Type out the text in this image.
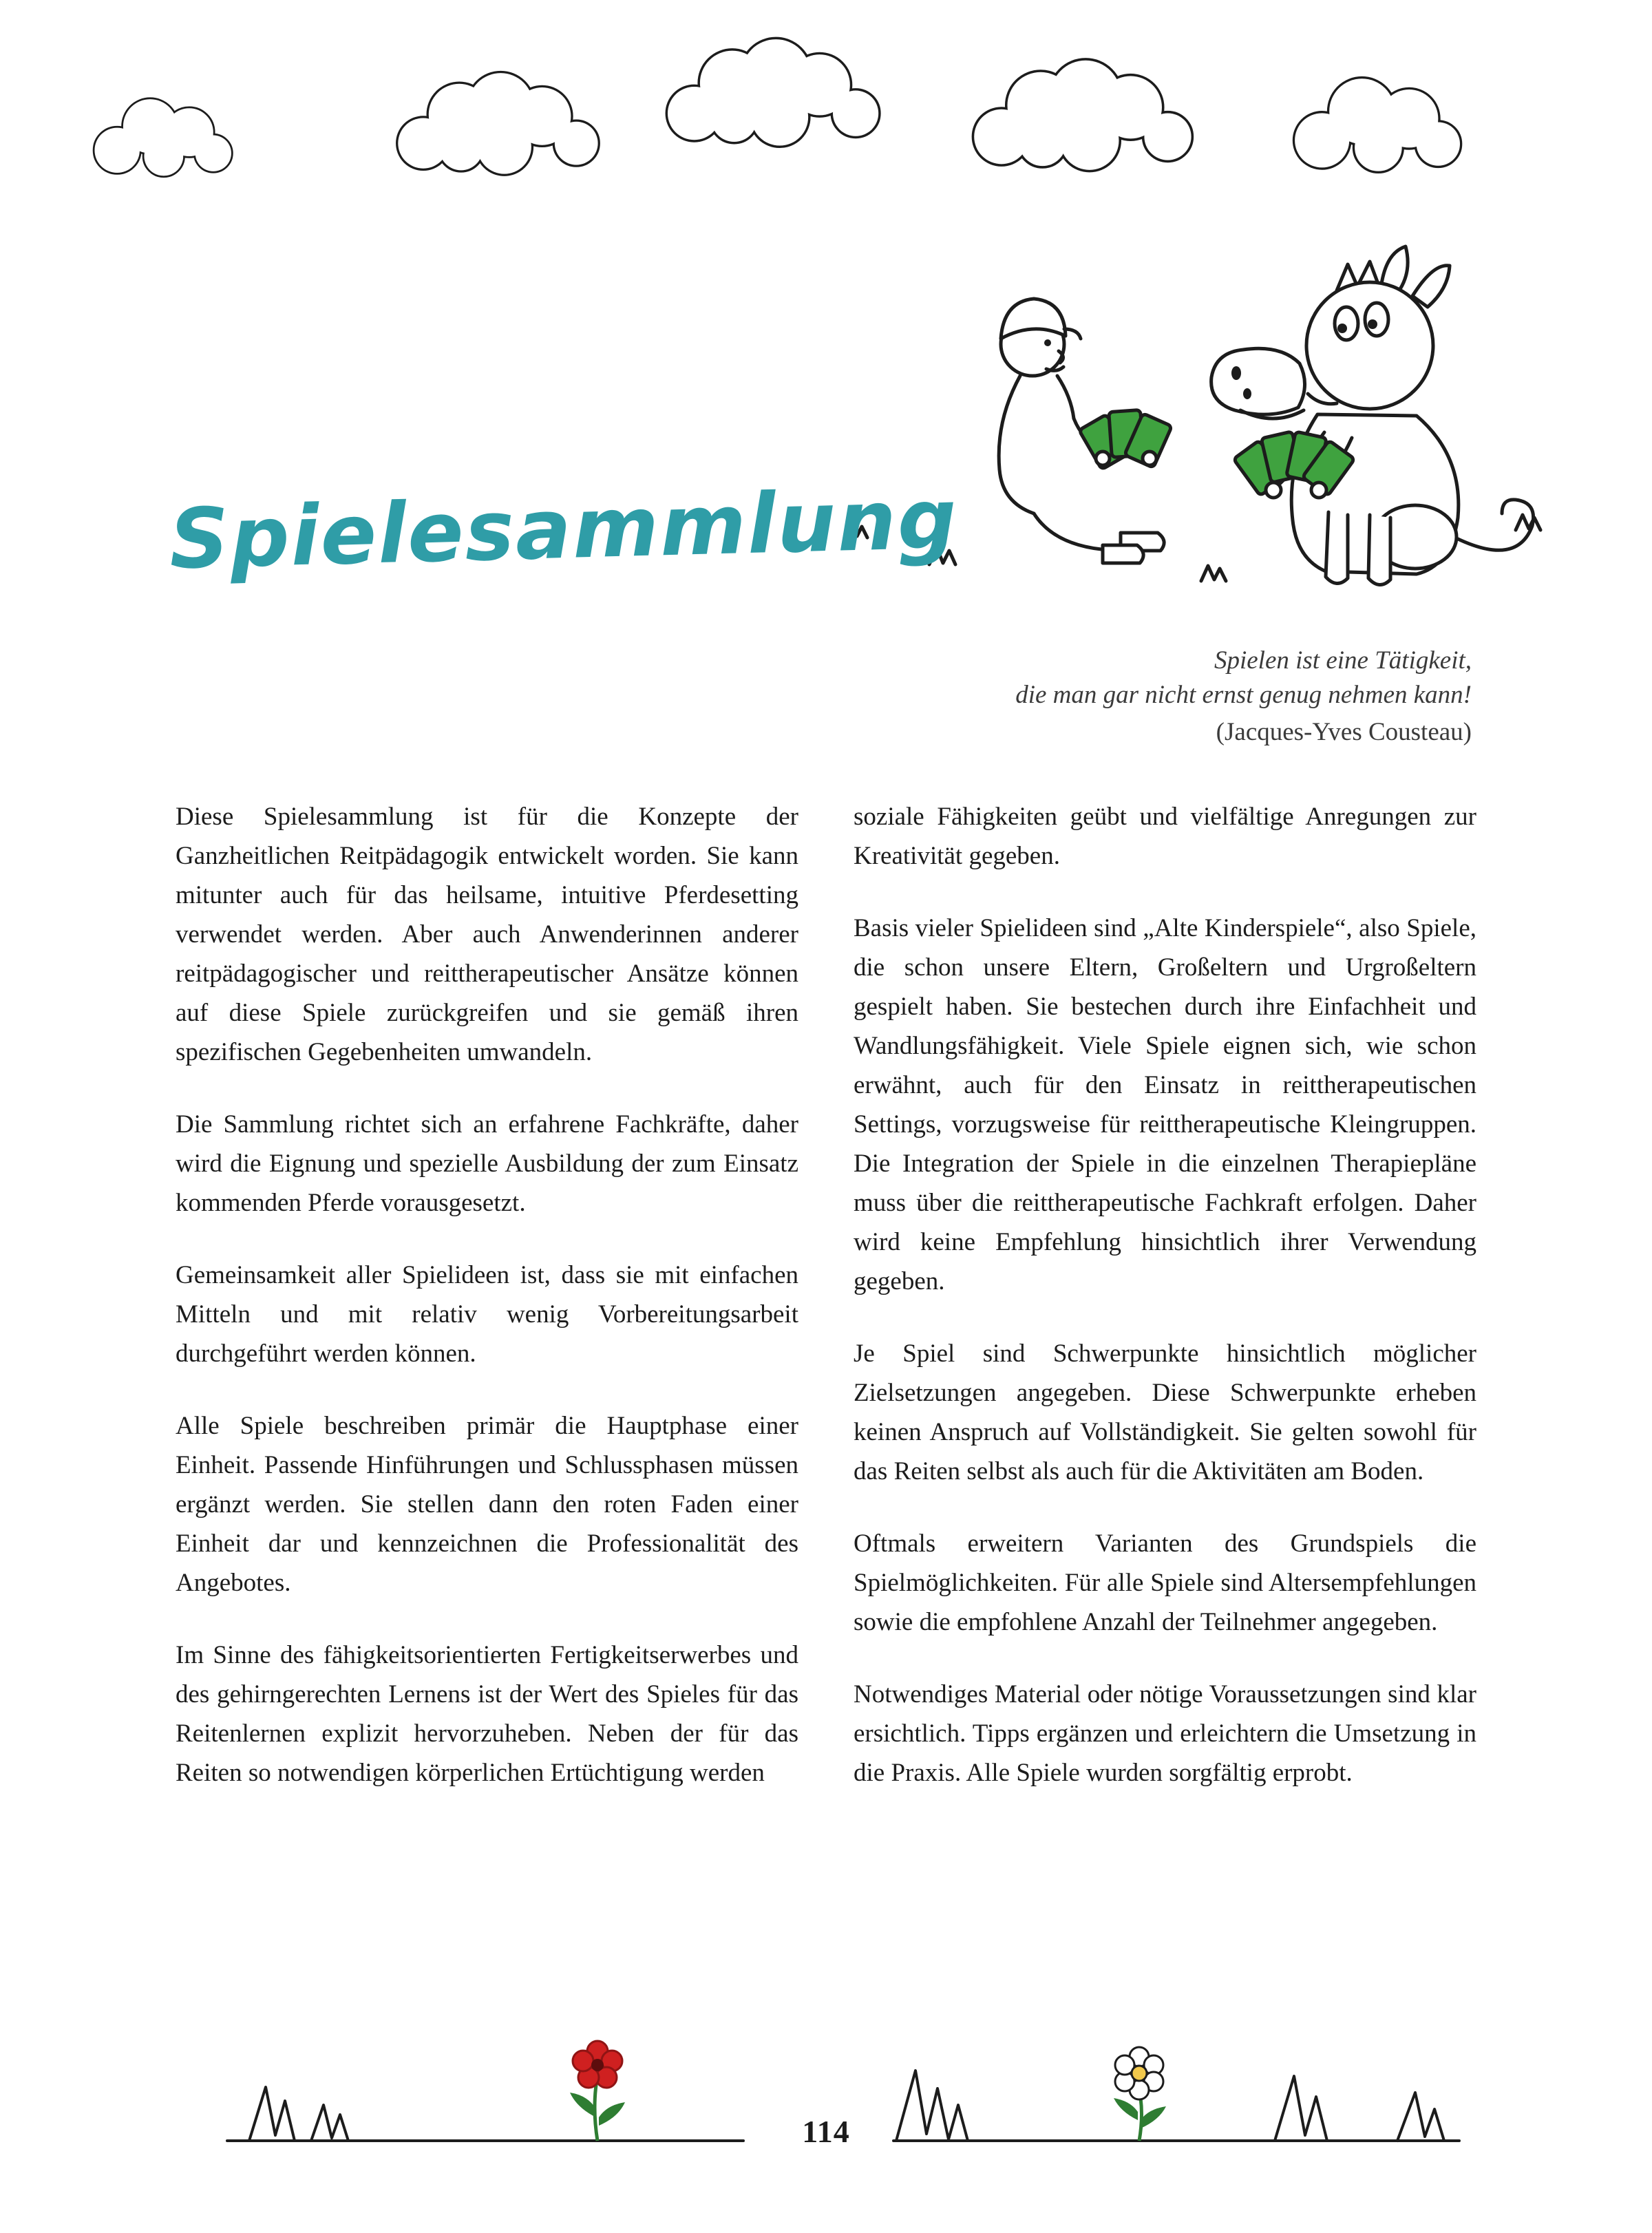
Spielesammlung
Spielen ist eine Tätigkeit,
die man gar nicht ernst genug nehmen kann!
(Jacques-Yves Cousteau)

Diese Spielesammlung ist für die Konzepte der Ganzheitlichen Reitpädagogik entwickelt worden. Sie kann mitunter auch für das heilsame, intuitive Pferdesetting verwendet werden. Aber auch Anwenderinnen anderer reitpädagogischer und reittherapeutischer Ansätze können auf diese Spiele zurückgreifen und sie gemäß ihren spezifischen Gegebenheiten umwandeln.

Die Sammlung richtet sich an erfahrene Fachkräfte, daher wird die Eignung und spezielle Ausbildung der zum Einsatz kommenden Pferde vorausgesetzt.

Gemeinsamkeit aller Spielideen ist, dass sie mit einfachen Mitteln und mit relativ wenig Vorbereitungsarbeit durchgeführt werden können.

Alle Spiele beschreiben primär die Hauptphase einer Einheit. Passende Hinführungen und Schlussphasen müssen ergänzt werden. Sie stellen dann den roten Faden einer Einheit dar und kennzeichnen die Professionalität des Angebotes.

Im Sinne des fähigkeitsorientierten Fertigkeitserwerbes und des gehirngerechten Lernens ist der Wert des Spieles für das Reitenlernen explizit hervorzuheben. Neben der für das Reiten so notwendigen körperlichen Ertüchtigung werden

soziale Fähigkeiten geübt und vielfältige Anregungen zur Kreativität gegeben.

Basis vieler Spielideen sind „Alte Kinderspiele“, also Spiele, die schon unsere Eltern, Großeltern und Urgroßeltern gespielt haben. Sie bestechen durch ihre Einfachheit und Wandlungsfähigkeit. Viele Spiele eignen sich, wie schon erwähnt, auch für den Einsatz in reittherapeutischen Settings, vorzugsweise für reittherapeutische Kleingruppen. Die Integration der Spiele in die einzelnen Therapiepläne muss über die reittherapeutische Fachkraft erfolgen. Daher wird keine Empfehlung hinsichtlich ihrer Verwendung gegeben.

Je Spiel sind Schwerpunkte hinsichtlich möglicher Zielsetzungen angegeben. Diese Schwerpunkte erheben keinen Anspruch auf Vollständigkeit. Sie gelten sowohl für das Reiten selbst als auch für die Aktivitäten am Boden.

Oftmals erweitern Varianten des Grundspiels die Spielmöglichkeiten. Für alle Spiele sind Altersempfehlungen sowie die empfohlene Anzahl der Teilnehmer angegeben.

Notwendiges Material oder nötige Voraussetzungen sind klar ersichtlich. Tipps ergänzen und erleichtern die Umsetzung in die Praxis. Alle Spiele wurden sorgfältig erprobt.

114
